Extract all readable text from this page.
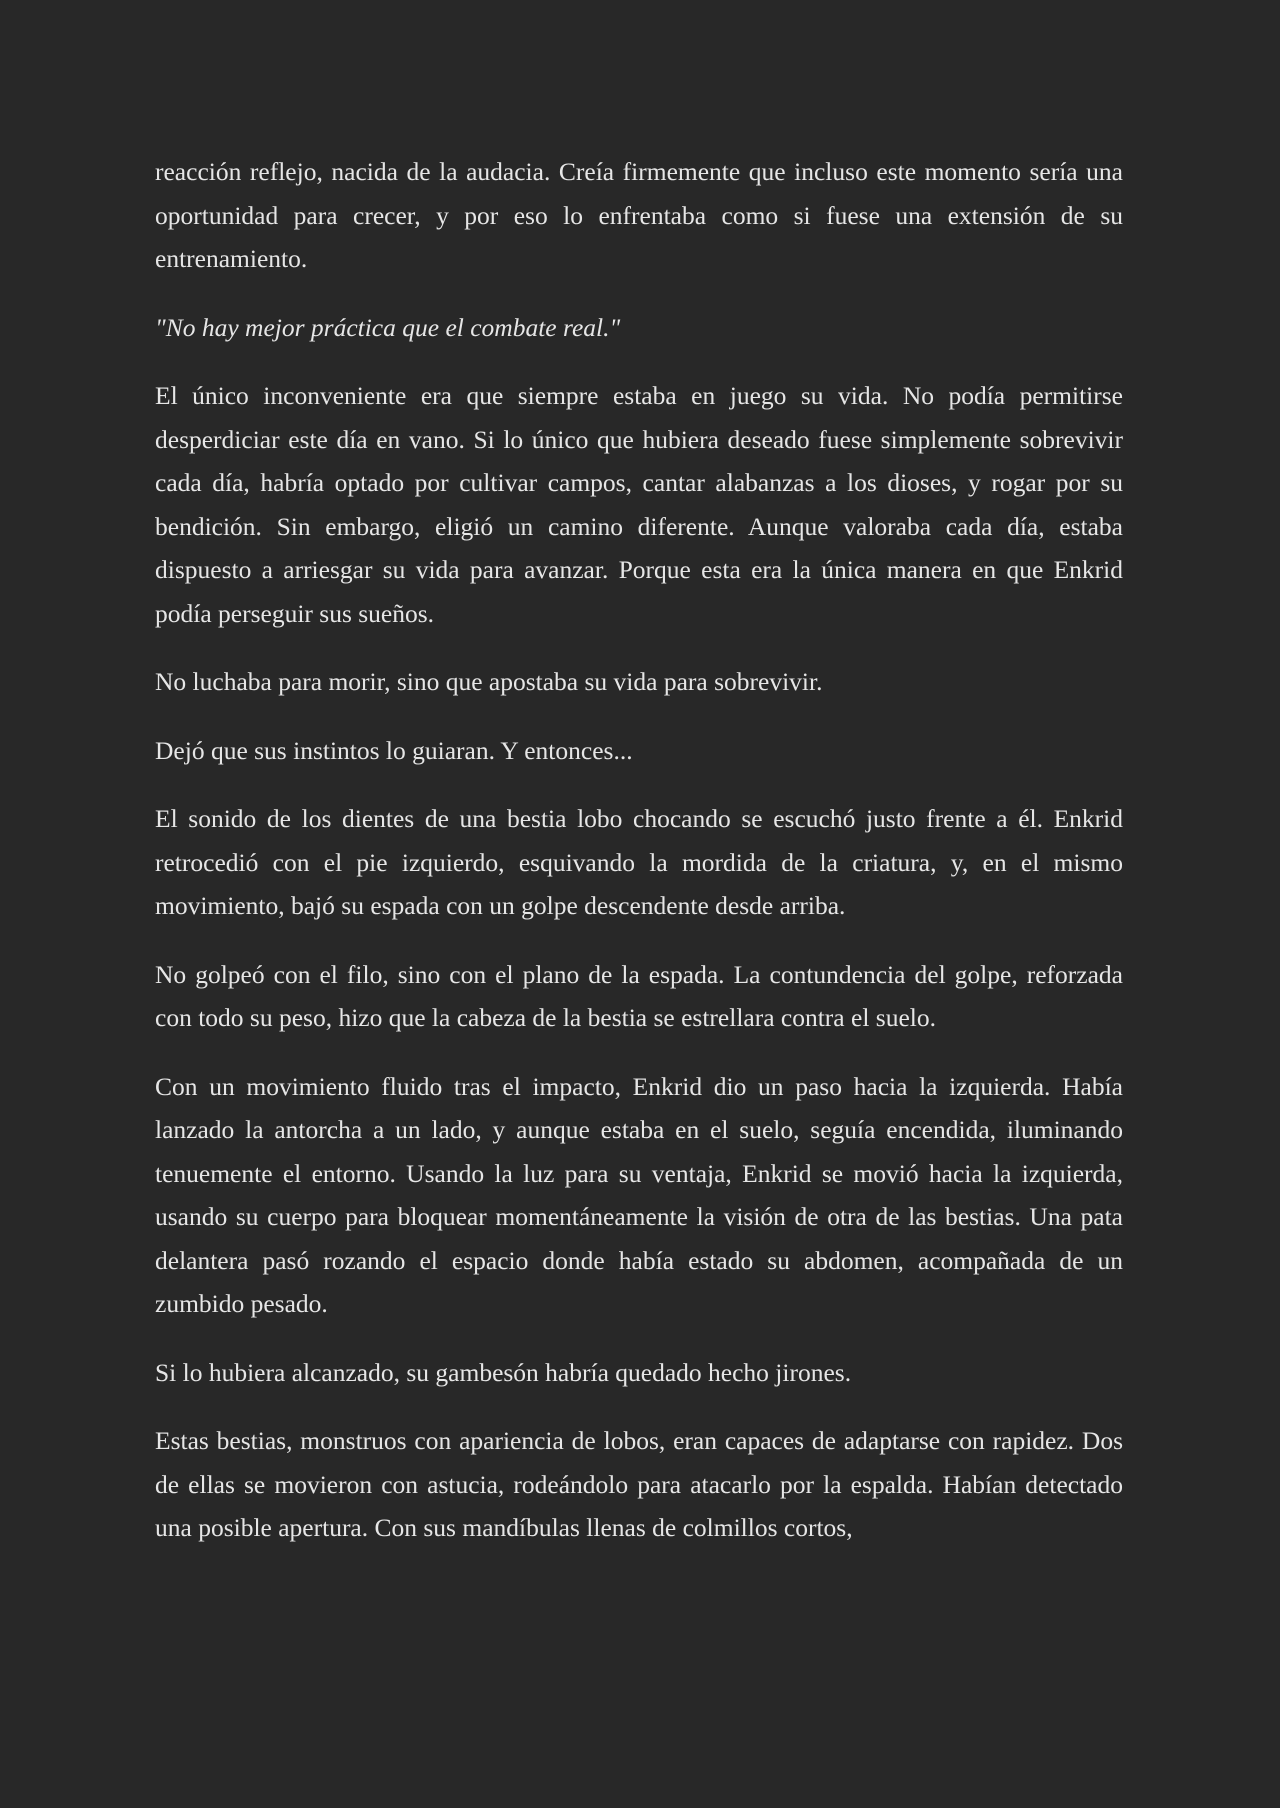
reacción reflejo, nacida de la audacia. Creía firmemente que incluso este momento sería una oportunidad para crecer, y por eso lo enfrentaba como si fuese una extensión de su entrenamiento.

"No hay mejor práctica que el combate real."

El único inconveniente era que siempre estaba en juego su vida. No podía permitirse desperdiciar este día en vano. Si lo único que hubiera deseado fuese simplemente sobrevivir cada día, habría optado por cultivar campos, cantar alabanzas a los dioses, y rogar por su bendición. Sin embargo, eligió un camino diferente. Aunque valoraba cada día, estaba dispuesto a arriesgar su vida para avanzar. Porque esta era la única manera en que Enkrid podía perseguir sus sueños.

No luchaba para morir, sino que apostaba su vida para sobrevivir.

Dejó que sus instintos lo guiaran. Y entonces...

El sonido de los dientes de una bestia lobo chocando se escuchó justo frente a él. Enkrid retrocedió con el pie izquierdo, esquivando la mordida de la criatura, y, en el mismo movimiento, bajó su espada con un golpe descendente desde arriba.

No golpeó con el filo, sino con el plano de la espada. La contundencia del golpe, reforzada con todo su peso, hizo que la cabeza de la bestia se estrellara contra el suelo.

Con un movimiento fluido tras el impacto, Enkrid dio un paso hacia la izquierda. Había lanzado la antorcha a un lado, y aunque estaba en el suelo, seguía encendida, iluminando tenuemente el entorno. Usando la luz para su ventaja, Enkrid se movió hacia la izquierda, usando su cuerpo para bloquear momentáneamente la visión de otra de las bestias. Una pata delantera pasó rozando el espacio donde había estado su abdomen, acompañada de un zumbido pesado.

Si lo hubiera alcanzado, su gambesón habría quedado hecho jirones.

Estas bestias, monstruos con apariencia de lobos, eran capaces de adaptarse con rapidez. Dos de ellas se movieron con astucia, rodeándolo para atacarlo por la espalda. Habían detectado una posible apertura. Con sus mandíbulas llenas de colmillos cortos,
